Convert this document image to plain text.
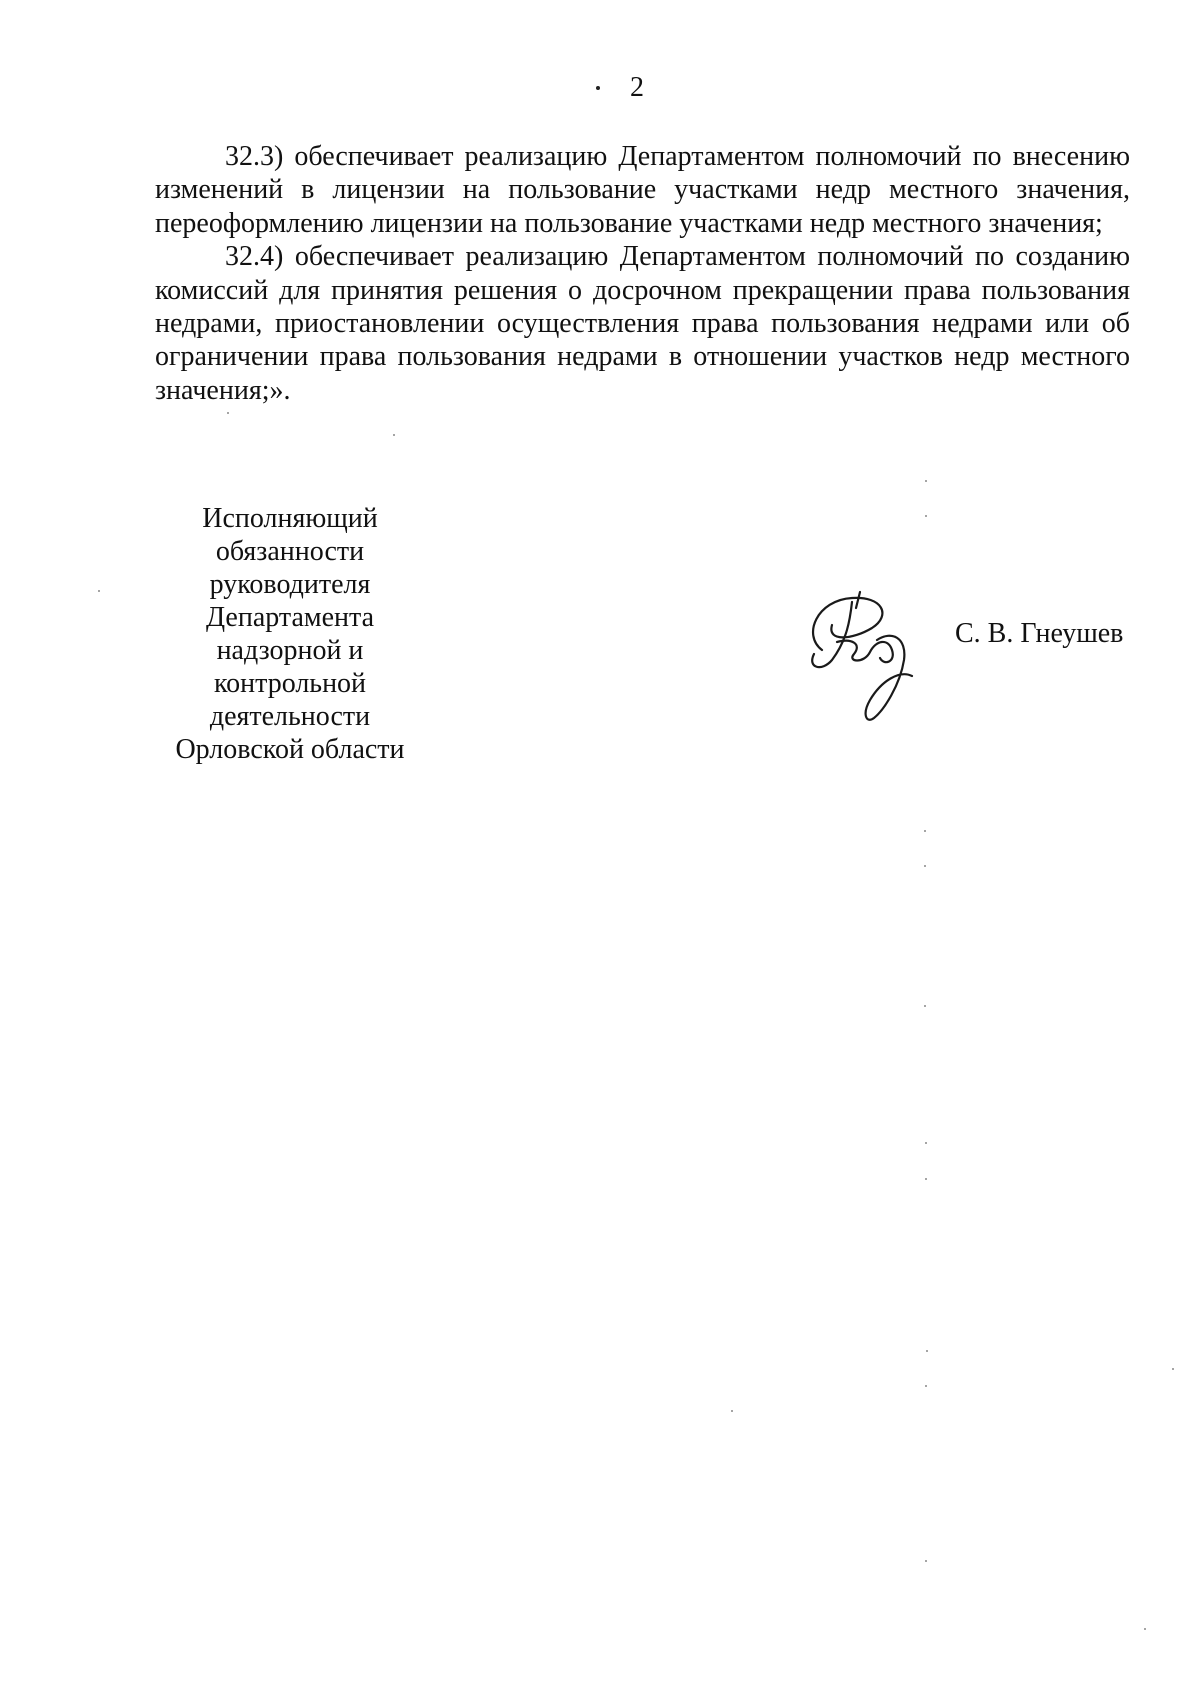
2

32.3) обеспечивает реализацию Департаментом полномочий по внесению изменений в лицензии на пользование участками недр местного значения, переоформлению лицензии на пользование участками недр местного значения;

32.4) обеспечивает реализацию Департаментом полномочий по созданию комиссий для принятия решения о досрочном прекращении права пользования недрами, приостановлении осуществления права пользования недрами или об ограничении права пользования недрами в отношении участков недр местного значения;».

Исполняющий
обязанности
руководителя
Департамента
надзорной и
контрольной
деятельности
Орловской области
С. В. Гнеушев
